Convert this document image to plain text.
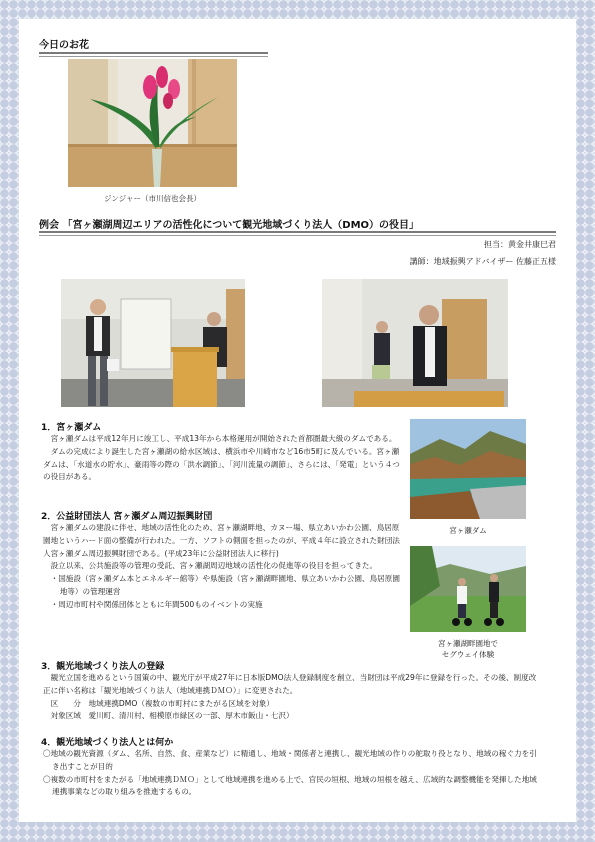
今日のお花
ジンジャー（市川信也会長）
例会 「宮ヶ瀬湖周辺エリアの活性化について観光地域づくり法人（DMO）の役目」
担当：黄金井康巳君
講師：地域振興アドバイザー 佐藤正五様
宮ヶ瀬ダム
宮ヶ瀬湖畔園地で
セグウェイ体験
1．宮ヶ瀬ダム

宮ヶ瀬ダムは平成12年月に竣工し、平成13年から本格運用が開始された首都圏最大級のダムである。

ダムの完成により誕生した宮ヶ瀬湖の給水区域は、横浜市や川崎市など16市5町に及んでいる。宮ヶ瀬ダムは、「水道水の貯水」、豪雨等の際の「洪水調節」、「河川流量の調節」、さらには、「発電」という４つの役目がある。

2．公益財団法人 宮ヶ瀬ダム周辺振興財団

宮ヶ瀬ダムの建設に伴せ、地域の活性化のため、宮ヶ瀬湖畔地、カヌー場、県立あいかわ公園、鳥居原園地というハード面の整備が行われた。一方、ソフトの側面を担ったのが、平成４年に設立された財団法人宮ヶ瀬ダム周辺振興財団である。(平成23年に公益財団法人に移行)

設立以来、公共施設等の管理の受託、宮ヶ瀬湖周辺地域の活性化の促進等の役目を担ってきた。

・国施設（宮ヶ瀬ダム本とエネルギー館等）や県施設（宮ヶ瀬湖畔園地、県立あいかわ公園、鳥居原園地等）の管理運営

・周辺市町村や関係団体とともに年間500ものイベントの実施

3．観光地域づくり法人の登録

観光立国を進めるという国策の中、観光庁が平成27年に日本版DMO法人登録制度を創立、当財団は平成29年に登録を行った。その後、制度改正に伴い名称は「観光地域づくり法人（地域連携ＤＭＯ）」に変更された。

区　　分　地域連携DMO（複数の市町村にまたがる区域を対象）

対象区域　愛川町、清川村、相模原市緑区の一部、厚木市飯山・七沢）

4．観光地域づくり法人とは何か

〇地域の観光資源（ダム、名所、自然、食、産業など）に精通し、地域・関係者と連携し、観光地域の作りの舵取り役となり、地域の稼ぐ力を引き出すことが目的

〇複数の市町村をまたがる「地域連携ＤＭＯ」として地域連携を進める上で、官民の垣根、地域の垣根を越え、広域的な調整機能を発揮した地域連携事業などの取り組みを推進するもの。
